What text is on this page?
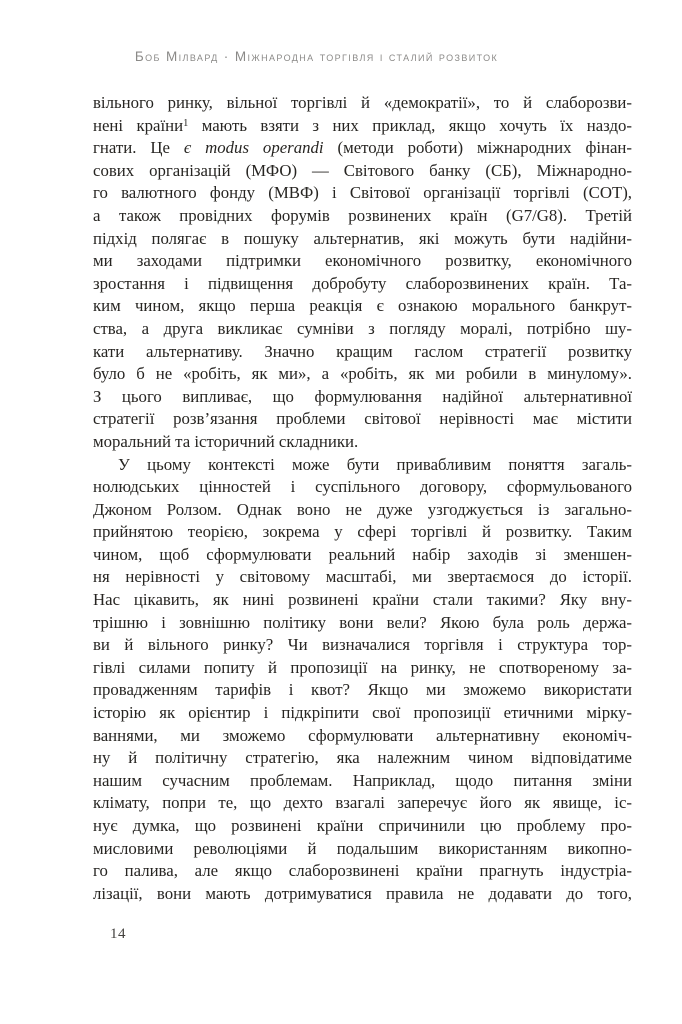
Боб Мілвард · Міжнародна торгівля і сталий розвиток
вільного ринку, вільної торгівлі й «демократії», то й слаборозви-
нені країни$^1$ мають взяти з них приклад, якщо хочуть їх наздо-
гнати. Це є modus operandi (методи роботи) міжнародних фінан-
сових організацій (МФО) — Світового банку (СБ), Міжнародно-
го валютного фонду (МВФ) і Світової організації торгівлі (СОТ),
а також провідних форумів розвинених країн (G7/G8). Третій
підхід полягає в пошуку альтернатив, які можуть бути надійни-
ми заходами підтримки економічного розвитку, економічного
зростання і підвищення добробуту слаборозвинених країн. Та-
ким чином, якщо перша реакція є ознакою морального банкрут-
ства, а друга викликає сумніви з погляду моралі, потрібно шу-
кати альтернативу. Значно кращим гаслом стратегії розвитку
було б не «робіть, як ми», а «робіть, як ми робили в минулому».
З цього випливає, що формулювання надійної альтернативної
стратегії розв’язання проблеми світової нерівності має містити
моральний та історичний складники.
У цьому контексті може бути привабливим поняття загаль-
нолюдських цінностей і суспільного договору, сформульованого
Джоном Ролзом. Однак воно не дуже узгоджується із загально-
прийнятою теорією, зокрема у сфері торгівлі й розвитку. Таким
чином, щоб сформулювати реальний набір заходів зі зменшен-
ня нерівності у світовому масштабі, ми звертаємося до історії.
Нас цікавить, як нині розвинені країни стали такими? Яку вну-
трішню і зовнішню політику вони вели? Якою була роль держа-
ви й вільного ринку? Чи визначалися торгівля і структура тор-
гівлі силами попиту й пропозиції на ринку, не спотвореному за-
провадженням тарифів і квот? Якщо ми зможемо використати
історію як орієнтир і підкріпити свої пропозиції етичними мірку-
ваннями, ми зможемо сформулювати альтернативну економіч-
ну й політичну стратегію, яка належним чином відповідатиме
нашим сучасним проблемам. Наприклад, щодо питання зміни
клімату, попри те, що дехто взагалі заперечує його як явище, іс-
нує думка, що розвинені країни спричинили цю проблему про-
мисловими революціями й подальшим використанням викопно-
го палива, але якщо слаборозвинені країни прагнуть індустріа-
лізації, вони мають дотримуватися правила не додавати до того,
14
